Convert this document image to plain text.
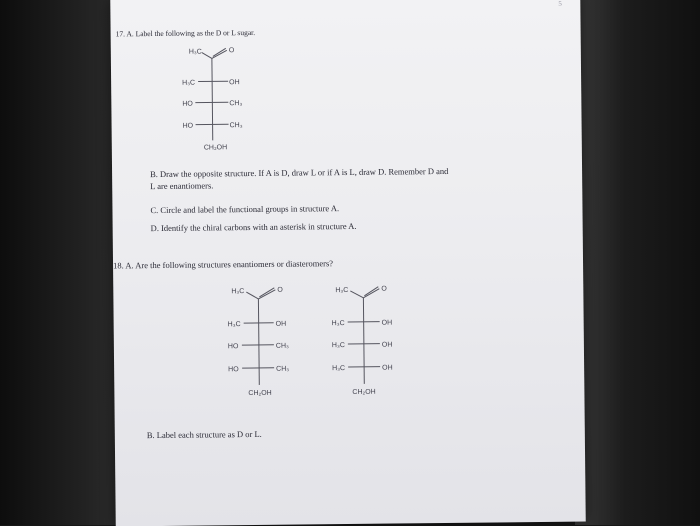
5
17. A. Label the following as the D or L sugar.
H₃C	O
H₃C	OH
HO	CH₃
HO	CH₃
CH₂OH
B. Draw the opposite structure. If A is D, draw L or if A is L, draw D. Remember D and
L are enantiomers.
C. Circle and label the functional groups in structure A.
D. Identify the chiral carbons with an asterisk in structure A.
18. A. Are the following structures enantiomers or diasteromers?
H₃C	O
H₃C	OH
HO	CH₃
HO	CH₃
CH₂OH
H₃C	O
H₃C	OH
H₃C	OH
H₃C	OH
CH₂OH
B. Label each structure as D or L.
